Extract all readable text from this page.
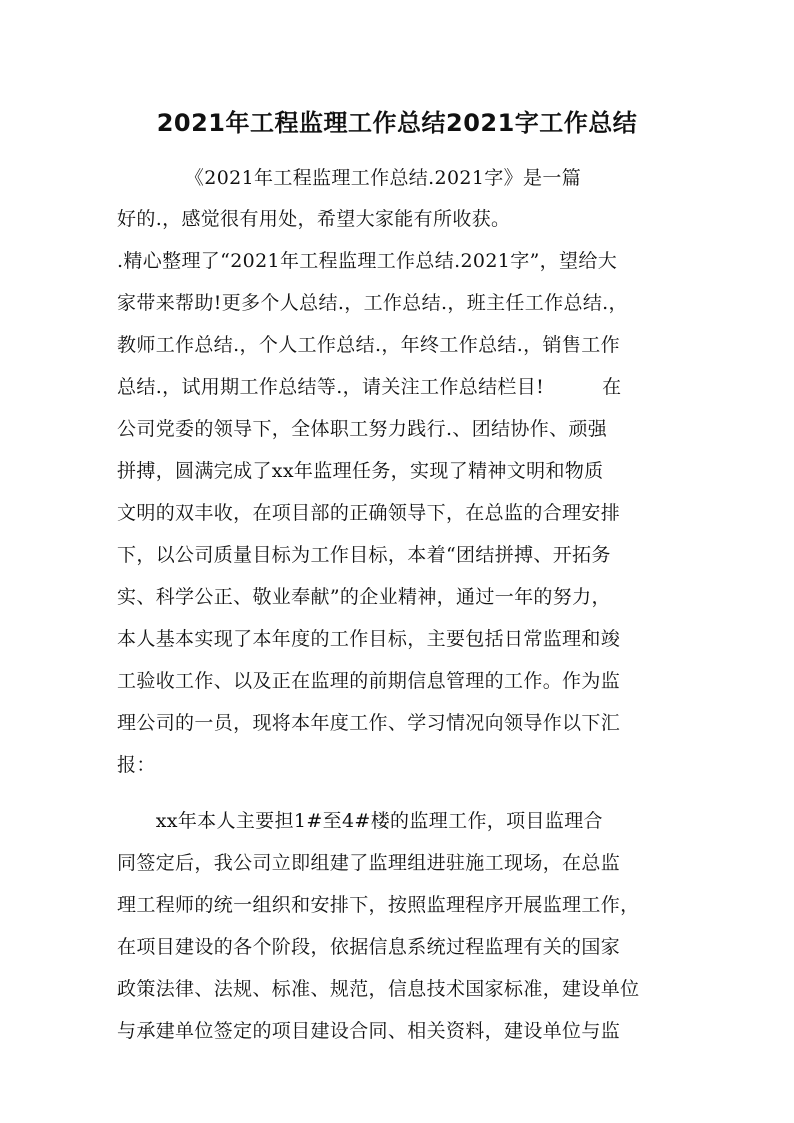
2021年工程监理工作总结2021字工作总结
　　　　《2021年工程监理工作总结.2021字》是一篇
好的.，感觉很有用处，希望大家能有所收获。
.精心整理了“2021年工程监理工作总结.2021字”，望给大
家带来帮助!更多个人总结.，工作总结.，班主任工作总结.，
教师工作总结.，个人工作总结.，年终工作总结.，销售工作
总结.，试用期工作总结等.，请关注工作总结栏目!　　　在
公司党委的领导下，全体职工努力践行.、团结协作、顽强
拼搏，圆满完成了xx年监理任务，实现了精神文明和物质
文明的双丰收，在项目部的正确领导下，在总监的合理安排
下，以公司质量目标为工作目标，本着“团结拼搏、开拓务
实、科学公正、敬业奉献”的企业精神，通过一年的努力，
本人基本实现了本年度的工作目标，主要包括日常监理和竣
工验收工作、以及正在监理的前期信息管理的工作。作为监
理公司的一员，现将本年度工作、学习情况向领导作以下汇
报：
　　xx年本人主要担1#至4#楼的监理工作，项目监理合
同签定后，我公司立即组建了监理组进驻施工现场，在总监
理工程师的统一组织和安排下，按照监理程序开展监理工作，
在项目建设的各个阶段，依据信息系统过程监理有关的国家
政策法律、法规、标准、规范，信息技术国家标准，建设单位
与承建单位签定的项目建设合同、相关资料，建设单位与监
